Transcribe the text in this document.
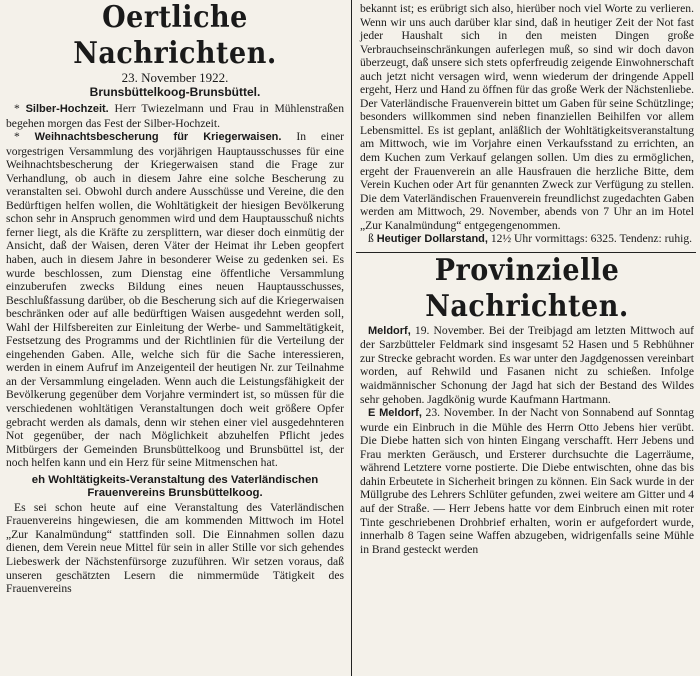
Oertliche Nachrichten.
23. November 1922.
Brunsbüttelkoog-Brunsbüttel.

* Silber-Hochzeit. Herr Twiezelmann und Frau in Mühlenstraßen begehen morgen das Fest der Silber-Hochzeit.

* Weihnachtsbescherung für Kriegerwaisen. In einer vorgestrigen Versammlung des vorjährigen Hauptausschusses für eine Weihnachtsbescherung der Kriegerwaisen stand die Frage zur Verhandlung, ob auch in diesem Jahre eine solche Bescherung zu veranstalten sei. Obwohl durch andere Ausschüsse und Vereine, die den Bedürftigen helfen wollen, die Wohltätigkeit der hiesigen Bevölkerung schon sehr in Anspruch genommen wird und dem Hauptausschuß nichts ferner liegt, als die Kräfte zu zersplittern, war dieser doch einmütig der Ansicht, daß der Waisen, deren Väter der Heimat ihr Leben geopfert haben, auch in diesem Jahre in besonderer Weise zu gedenken sei. Es wurde beschlossen, zum Dienstag eine öffentliche Versammlung einzuberufen zwecks Bildung eines neuen Hauptausschusses, Beschlußfassung darüber, ob die Bescherung sich auf die Kriegerwaisen beschränken oder auf alle bedürftigen Waisen ausgedehnt werden soll, Wahl der Hilfsbereiten zur Einleitung der Werbe- und Sammeltätigkeit, Festsetzung des Programms und der Richtlinien für die Verteilung der eingehenden Gaben. Alle, welche sich für die Sache interessieren, werden in einem Aufruf im Anzeigenteil der heutigen Nr. zur Teilnahme an der Versammlung eingeladen. Wenn auch die Leistungsfähigkeit der Bevölkerung gegenüber dem Vorjahre vermindert ist, so müssen für die verschiedenen wohltätigen Veranstaltungen doch weit größere Opfer gebracht werden als damals, denn wir stehen einer viel ausgedehnteren Not gegenüber, der nach Möglichkeit abzuhelfen Pflicht jedes Mitbürgers der Gemeinden Brunsbüttelkoog und Brunsbüttel ist, der noch helfen kann und ein Herz für seine Mitmenschen hat.

eh Wohltätigkeits-Veranstaltung des Vaterländischen Frauenvereins Brunsbüttelkoog.

Es sei schon heute auf eine Veranstaltung des Vaterländischen Frauenvereins hingewiesen, die am kommenden Mittwoch im Hotel „Zur Kanalmündung“ stattfinden soll. Die Einnahmen sollen dazu dienen, dem Verein neue Mittel für sein in aller Stille vor sich gehendes Liebeswerk der Nächstenfürsorge zuzuführen. Wir setzen voraus, daß unseren geschätzten Lesern die nimmermüde Tätigkeit des Frauenvereins

bekannt ist; es erübrigt sich also, hierüber noch viel Worte zu verlieren. Wenn wir uns auch darüber klar sind, daß in heutiger Zeit der Not fast jeder Haushalt sich in den meisten Dingen große Verbrauchseinschränkungen auferlegen muß, so sind wir doch davon überzeugt, daß unsere sich stets opferfreudig zeigende Einwohnerschaft auch jetzt nicht versagen wird, wenn wiederum der dringende Appell ergeht, Herz und Hand zu öffnen für das große Werk der Nächstenliebe. Der Vaterländische Frauenverein bittet um Gaben für seine Schützlinge; besonders willkommen sind neben finanziellen Beihilfen vor allem Lebensmittel. Es ist geplant, anläßlich der Wohltätigkeitsveranstaltung am Mittwoch, wie im Vorjahre einen Verkaufsstand zu errichten, an dem Kuchen zum Verkauf gelangen sollen. Um dies zu ermöglichen, ergeht der Frauenverein an alle Hausfrauen die herzliche Bitte, dem Verein Kuchen oder Art für genannten Zweck zur Verfügung zu stellen. Die dem Vaterländischen Frauenverein freundlichst zugedachten Gaben werden am Mittwoch, 29. November, abends von 7 Uhr an im Hotel „Zur Kanalmündung“ entgegengenommen.

ß Heutiger Dollarstand, 12½ Uhr vormittags: 6325. Tendenz: ruhig.

Provinzielle Nachrichten.

Meldorf, 19. November. Bei der Treibjagd am letzten Mittwoch auf der Sarzbütteler Feldmark sind insgesamt 52 Hasen und 5 Rebhühner zur Strecke gebracht worden. Es war unter den Jagdgenossen vereinbart worden, auf Rehwild und Fasanen nicht zu schießen. Infolge waidmännischer Schonung der Jagd hat sich der Bestand des Wildes sehr gehoben. Jagdkönig wurde Kaufmann Hartmann.

E Meldorf, 23. November. In der Nacht von Sonnabend auf Sonntag wurde ein Einbruch in die Mühle des Herrn Otto Jebens hier verübt. Die Diebe hatten sich von hinten Eingang verschafft. Herr Jebens und Frau merkten Geräusch, und Ersterer durchsuchte die Lagerräume, während Letztere vorne postierte. Die Diebe entwischten, ohne das bis dahin Erbeutete in Sicherheit bringen zu können. Ein Sack wurde in der Müllgrube des Lehrers Schlüter gefunden, zwei weitere am Gitter und 4 auf der Straße. — Herr Jebens hatte vor dem Einbruch einen mit roter Tinte geschriebenen Drohbrief erhalten, worin er aufgefordert wurde, innerhalb 8 Tagen seine Waffen abzugeben, widrigenfalls seine Mühle in Brand gesteckt werden
